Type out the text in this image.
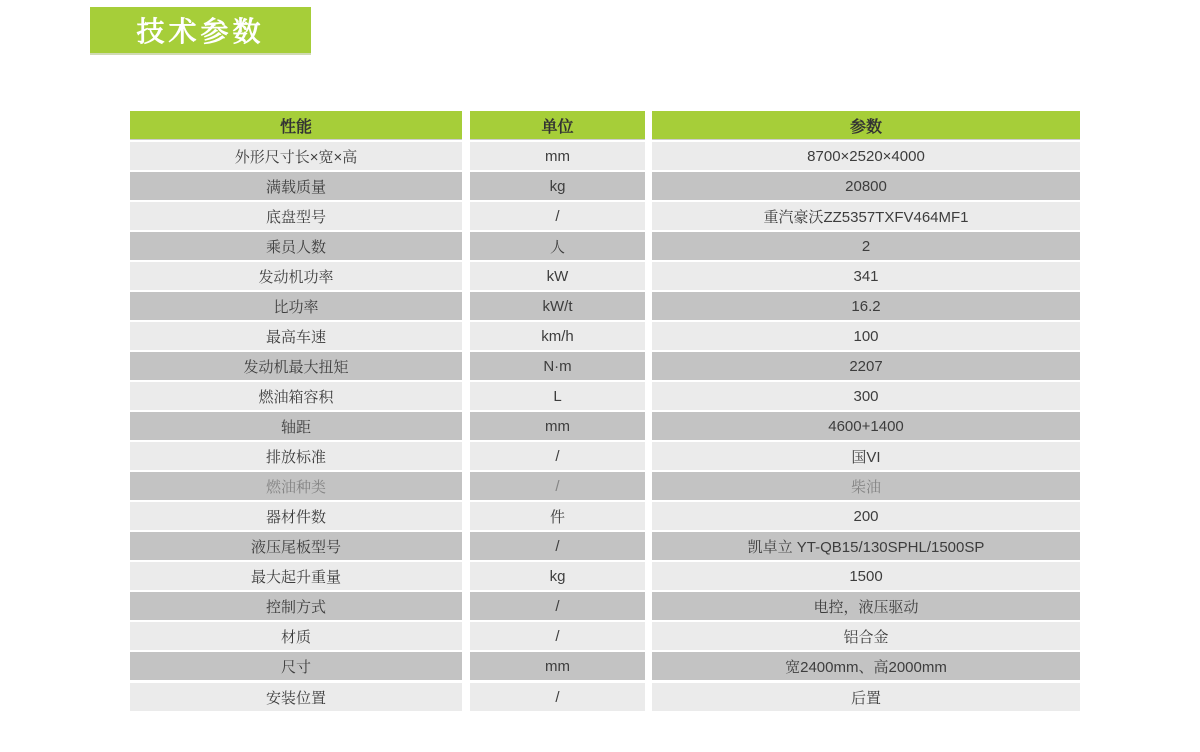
技术参数
性能	单位	参数
外形尺寸长×宽×高	mm	8700×2520×4000
满载质量	kg	20800
底盘型号	/	重汽豪沃ZZ5357TXFV464MF1
乘员人数	人	2
发动机功率	kW	341
比功率	kW/t	16.2
最高车速	km/h	100
发动机最大扭矩	N·m	2207
燃油箱容积	L	300
轴距	mm	4600+1400
排放标准	/	国VI
燃油种类	/	柴油
器材件数	件	200
液压尾板型号	/	凯卓立 YT-QB15/130SPHL/1500SP
最大起升重量	kg	1500
控制方式	/	电控，液压驱动
材质	/	铝合金
尺寸	mm	宽2400mm、高2000mm
安装位置	/	后置
